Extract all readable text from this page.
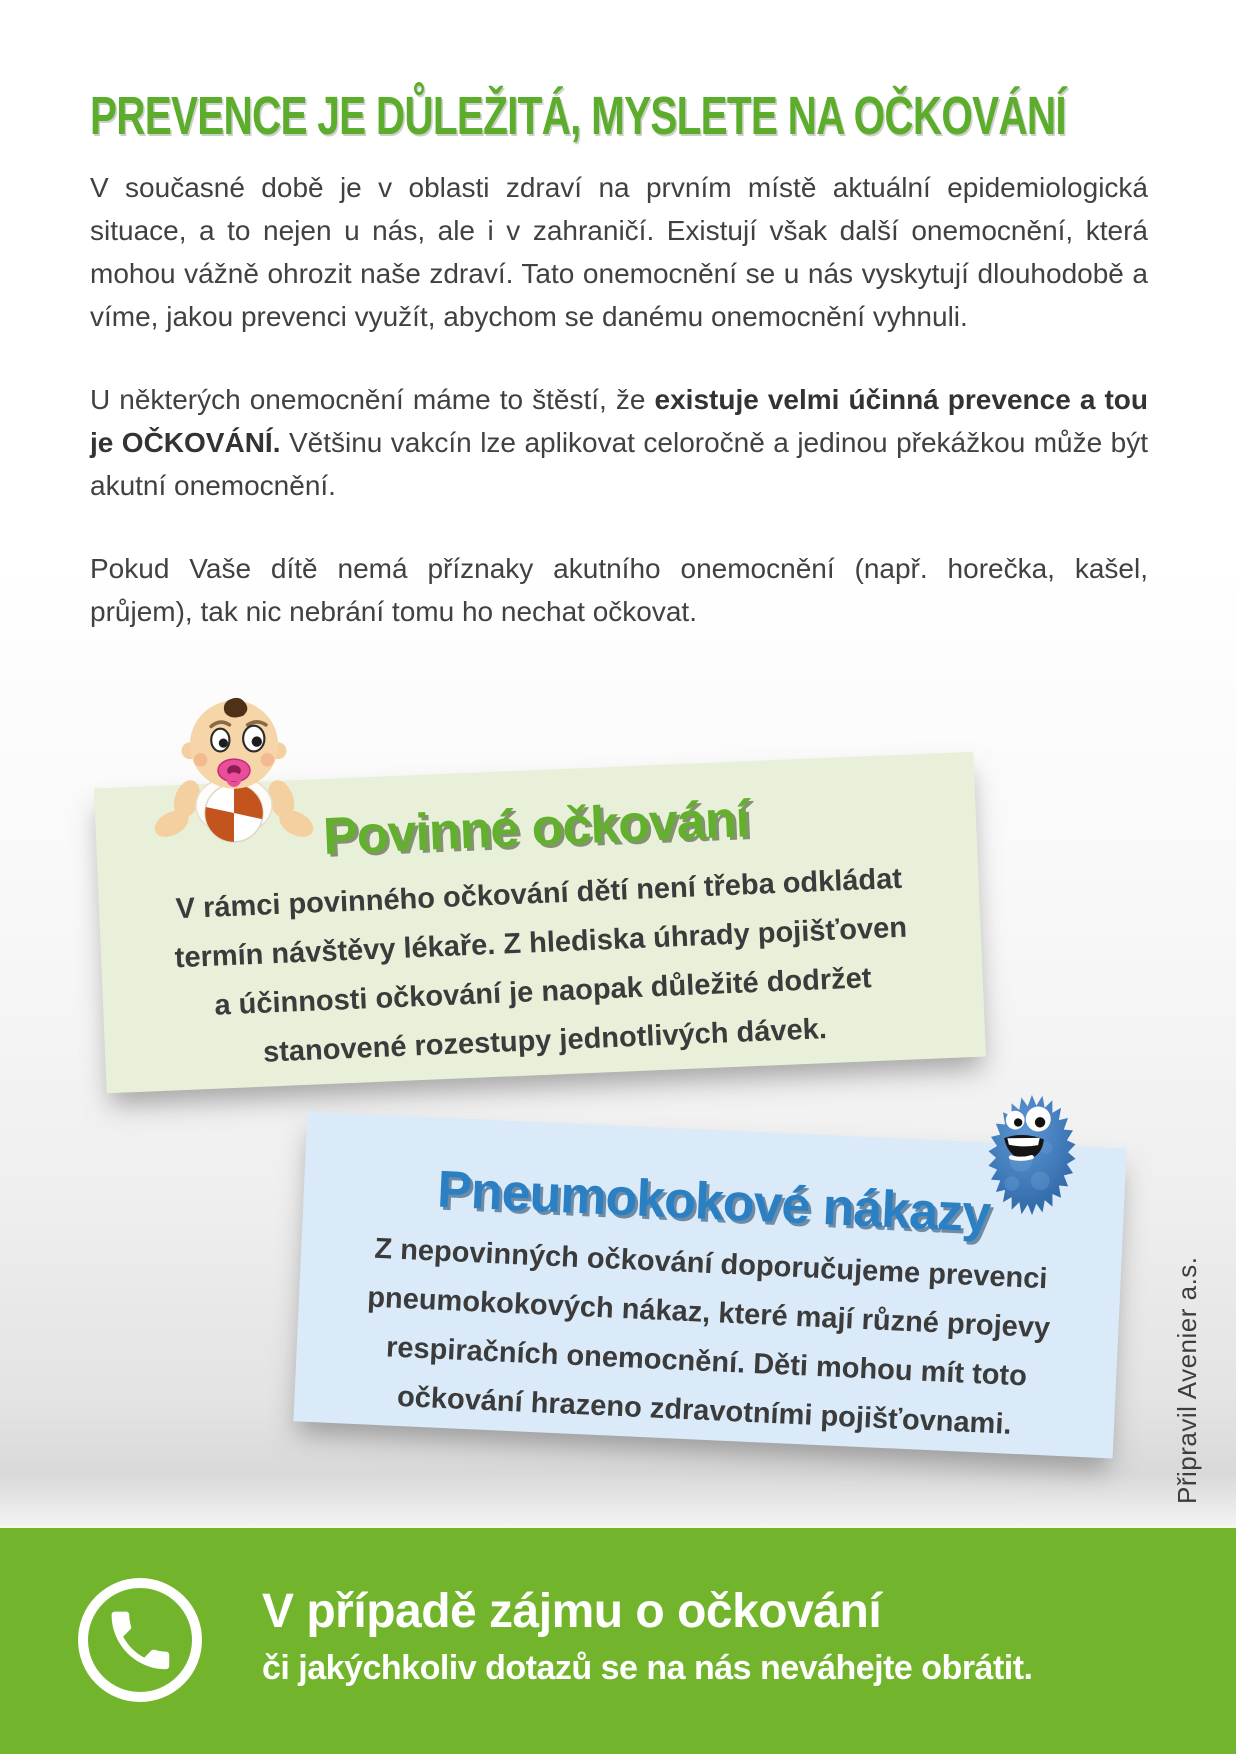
PREVENCE JE DŮLEŽITÁ, MYSLETE NA OČKOVÁNÍ

V současné době je v oblasti zdraví na prvním místě aktuální epidemiologická situace, a to nejen u nás, ale i v zahraničí. Existují však další onemocnění, která mohou vážně ohrozit naše zdraví. Tato onemocnění se u nás vyskytují dlouhodobě a víme, jakou prevenci využít, abychom se danému onemocnění vyhnuli.

U některých onemocnění máme to štěstí, že existuje velmi účinná prevence a tou je OČKOVÁNÍ. Většinu vakcín lze aplikovat celoročně a jedinou překážkou může být akutní onemocnění.

Pokud Vaše dítě nemá příznaky akutního onemocnění (např. horečka, kašel, průjem), tak nic nebrání tomu ho nechat očkovat.

Povinné očkování
V rámci povinného očkování dětí není třeba odkládat
termín návštěvy lékaře. Z hlediska úhrady pojišťoven
a účinnosti očkování je naopak důležité dodržet
stanovené rozestupy jednotlivých dávek.
Pneumokokové nákazy
Z nepovinných očkování doporučujeme prevenci
pneumokokových nákaz, které mají různé projevy
respiračních onemocnění. Děti mohou mít toto
očkování hrazeno zdravotními pojišťovnami.	Připravil Avenier a.s.
V případě zájmu o očkování
či jakýchkoliv dotazů se na nás neváhejte obrátit.
